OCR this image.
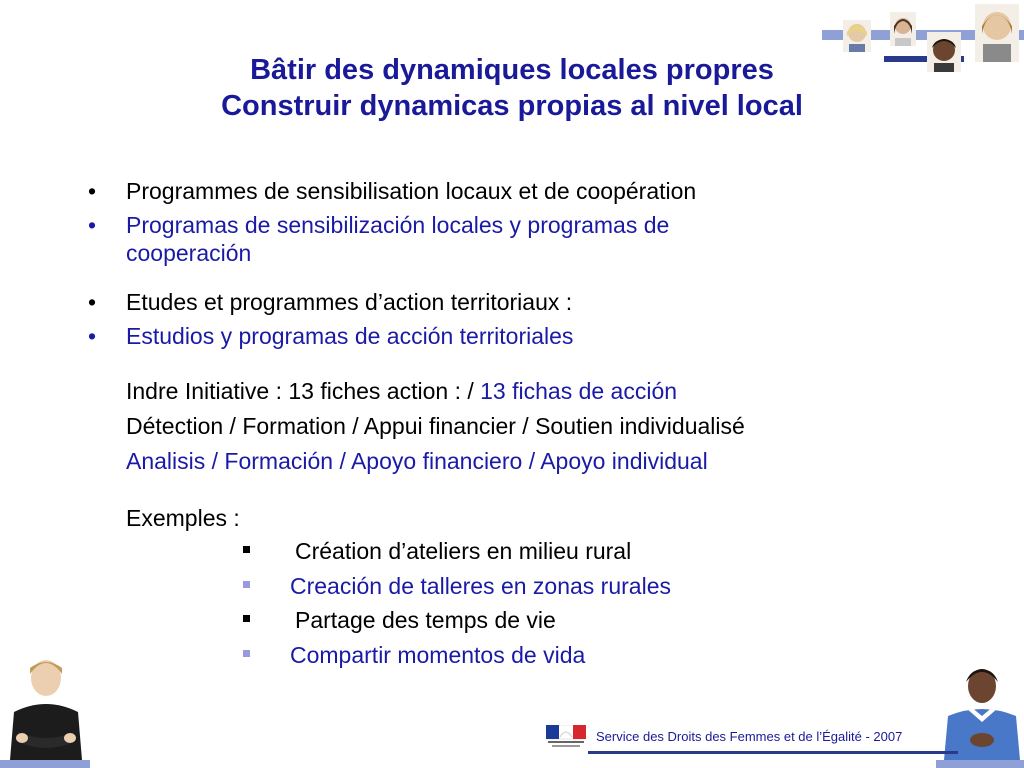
Bâtir des dynamiques locales propres
Construir dynamicas propias al nivel local
• Programmes de sensibilisation locaux et de coopération
• Programas de sensibilización locales y programas de
cooperación
• Etudes et programmes d’action territoriaux :
• Estudios y programas de acción territoriales
Indre Initiative : 13 fiches action : / 13 fichas de acción
Détection / Formation / Appui financier / Soutien individualisé
Analisis / Formación / Apoyo financiero / Apoyo individual
Exemples :
Création d’ateliers en milieu rural
Creación de talleres en zonas rurales
Partage des temps de vie
Compartir momentos de vida
Service des Droits des Femmes et de l’Égalité - 2007
